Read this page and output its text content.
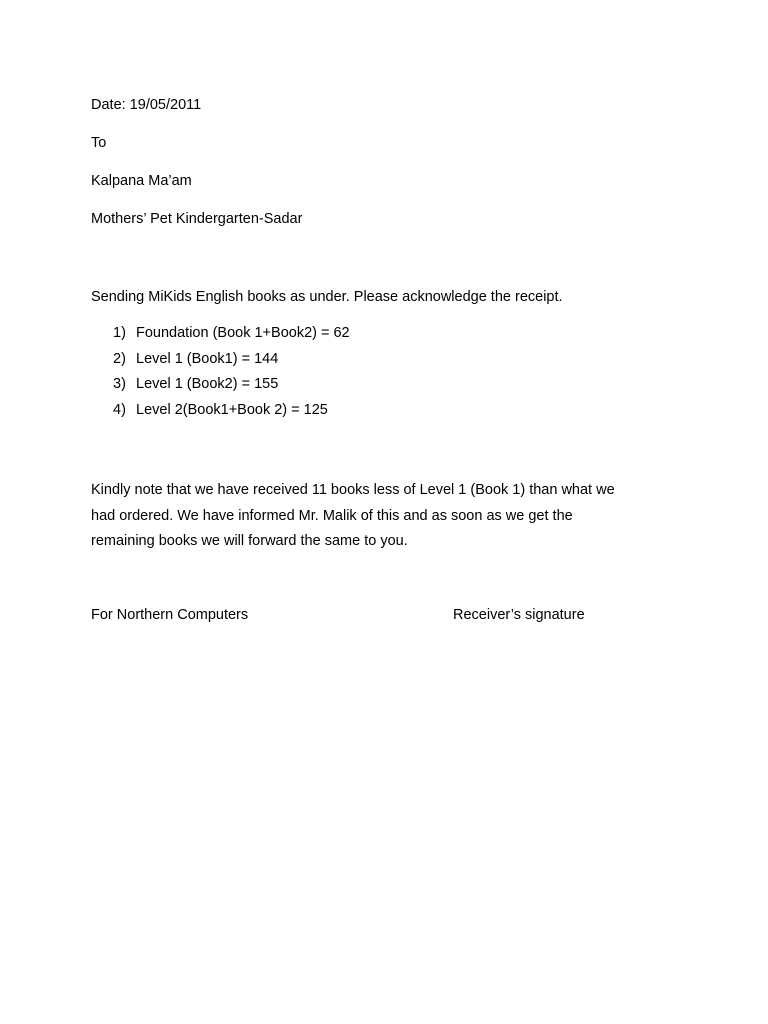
Date: 19/05/2011
To
Kalpana Ma’am
Mothers’ Pet Kindergarten-Sadar
Sending MiKids English books as under. Please acknowledge the receipt.
1) Foundation (Book 1+Book2) = 62
2) Level 1 (Book1) = 144
3) Level 1 (Book2) = 155
4) Level 2(Book1+Book 2) = 125
Kindly note that we have received 11 books less of Level 1 (Book 1) than what we
had ordered. We have informed Mr. Malik of this and as soon as we get the
remaining books we will forward the same to you.
For Northern Computers	Receiver’s signature
